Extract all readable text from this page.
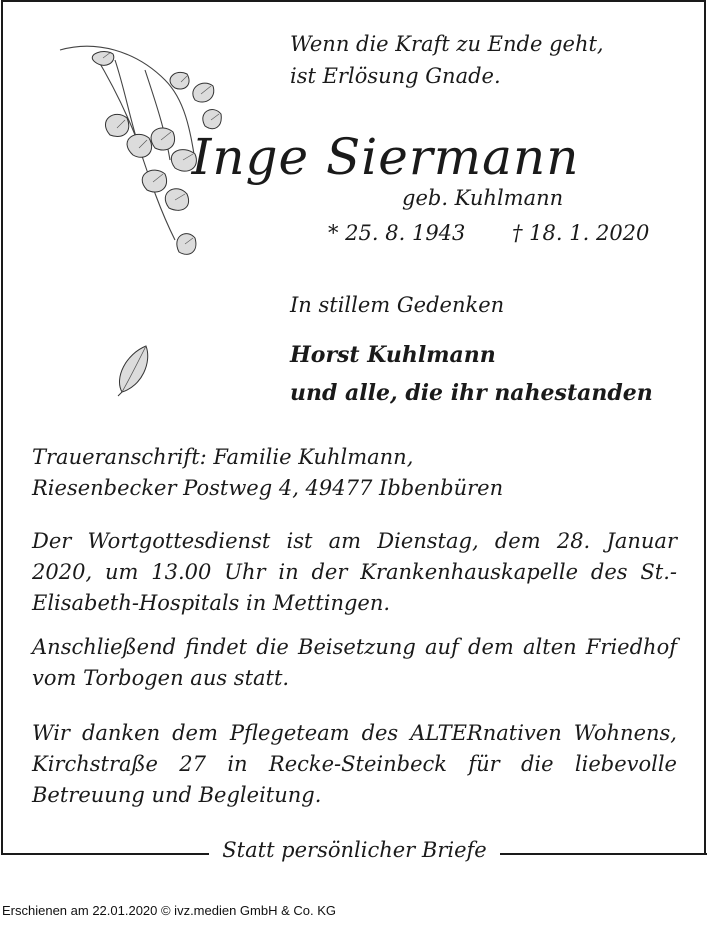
Wenn die Kraft zu Ende geht,
ist Erlösung Gnade.
Inge Siermann
geb. Kuhlmann
* 25. 8. 1943 † 18. 1. 2020
In stillem Gedenken
Horst Kuhlmann
und alle, die ihr nahestanden
Traueranschrift: Familie Kuhlmann,
Riesenbecker Postweg 4, 49477 Ibbenbüren
Der Wortgottesdienst ist am Dienstag, dem 28. Januar 2020, um 13.00 Uhr in der Krankenhauskapelle des St.-Elisabeth-Hospitals in Mettingen.
Anschließend findet die Beisetzung auf dem alten Friedhof vom Torbogen aus statt.
Wir danken dem Pflegeteam des ALTERnativen Wohnens, Kirchstraße 27 in Recke-Steinbeck für die liebevolle Betreuung und Begleitung.
Statt persönlicher Briefe
Erschienen am 22.01.2020 © ivz.medien GmbH & Co. KG
